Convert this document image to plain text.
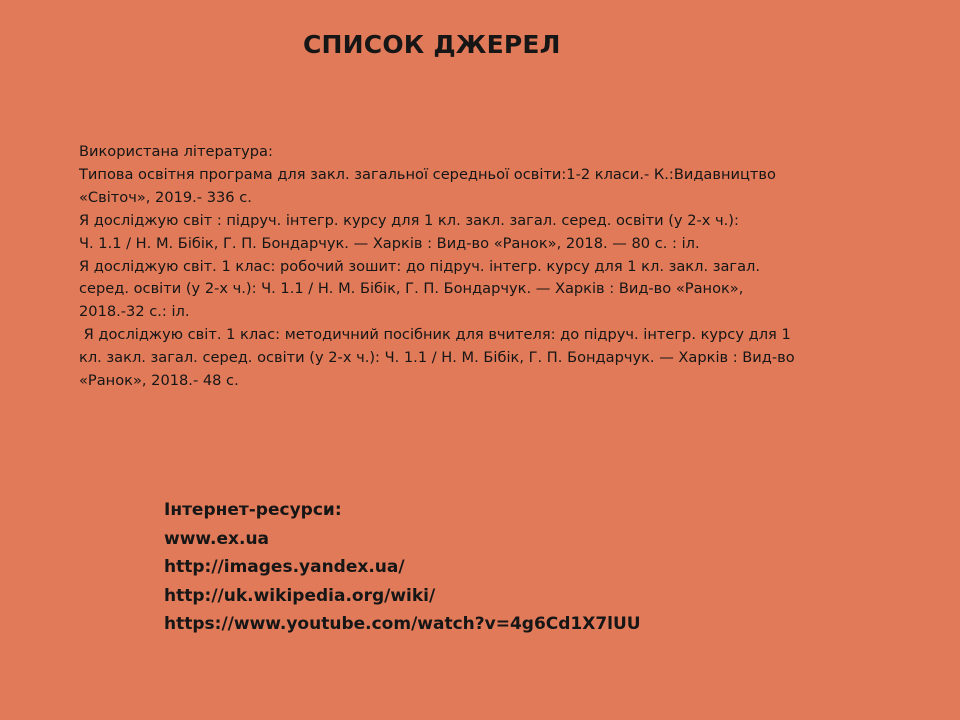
СПИСОК ДЖЕРЕЛ
Використана література:
Типова освітня програма для закл. загальної середньої освіти:1-2 класи.- К.:Видавництво
«Світоч», 2019.- 336 с.
Я досліджую світ : підруч. інтегр. курсу для 1 кл. закл. загал. серед. освіти (у 2-х ч.):
Ч. 1.1 / Н. М. Бібік, Г. П. Бондарчук. — Харків : Вид-во «Ранок», 2018. — 80 с. : іл.
Я досліджую світ. 1 клас: робочий зошит: до підруч. інтегр. курсу для 1 кл. закл. загал.
серед. освіти (у 2-х ч.): Ч. 1.1 / Н. М. Бібік, Г. П. Бондарчук. — Харків : Вид-во «Ранок»,
2018.-32 с.: іл.
Я досліджую світ. 1 клас: методичний посібник для вчителя: до підруч. інтегр. курсу для 1
кл. закл. загал. серед. освіти (у 2-х ч.): Ч. 1.1 / Н. М. Бібік, Г. П. Бондарчук. — Харків : Вид-во
«Ранок», 2018.- 48 с.
Інтернет-ресурси:
www.ex.ua
http://images.yandex.ua/
http://uk.wikipedia.org/wiki/
https://www.youtube.com/watch?v=4g6Cd1X7lUU
